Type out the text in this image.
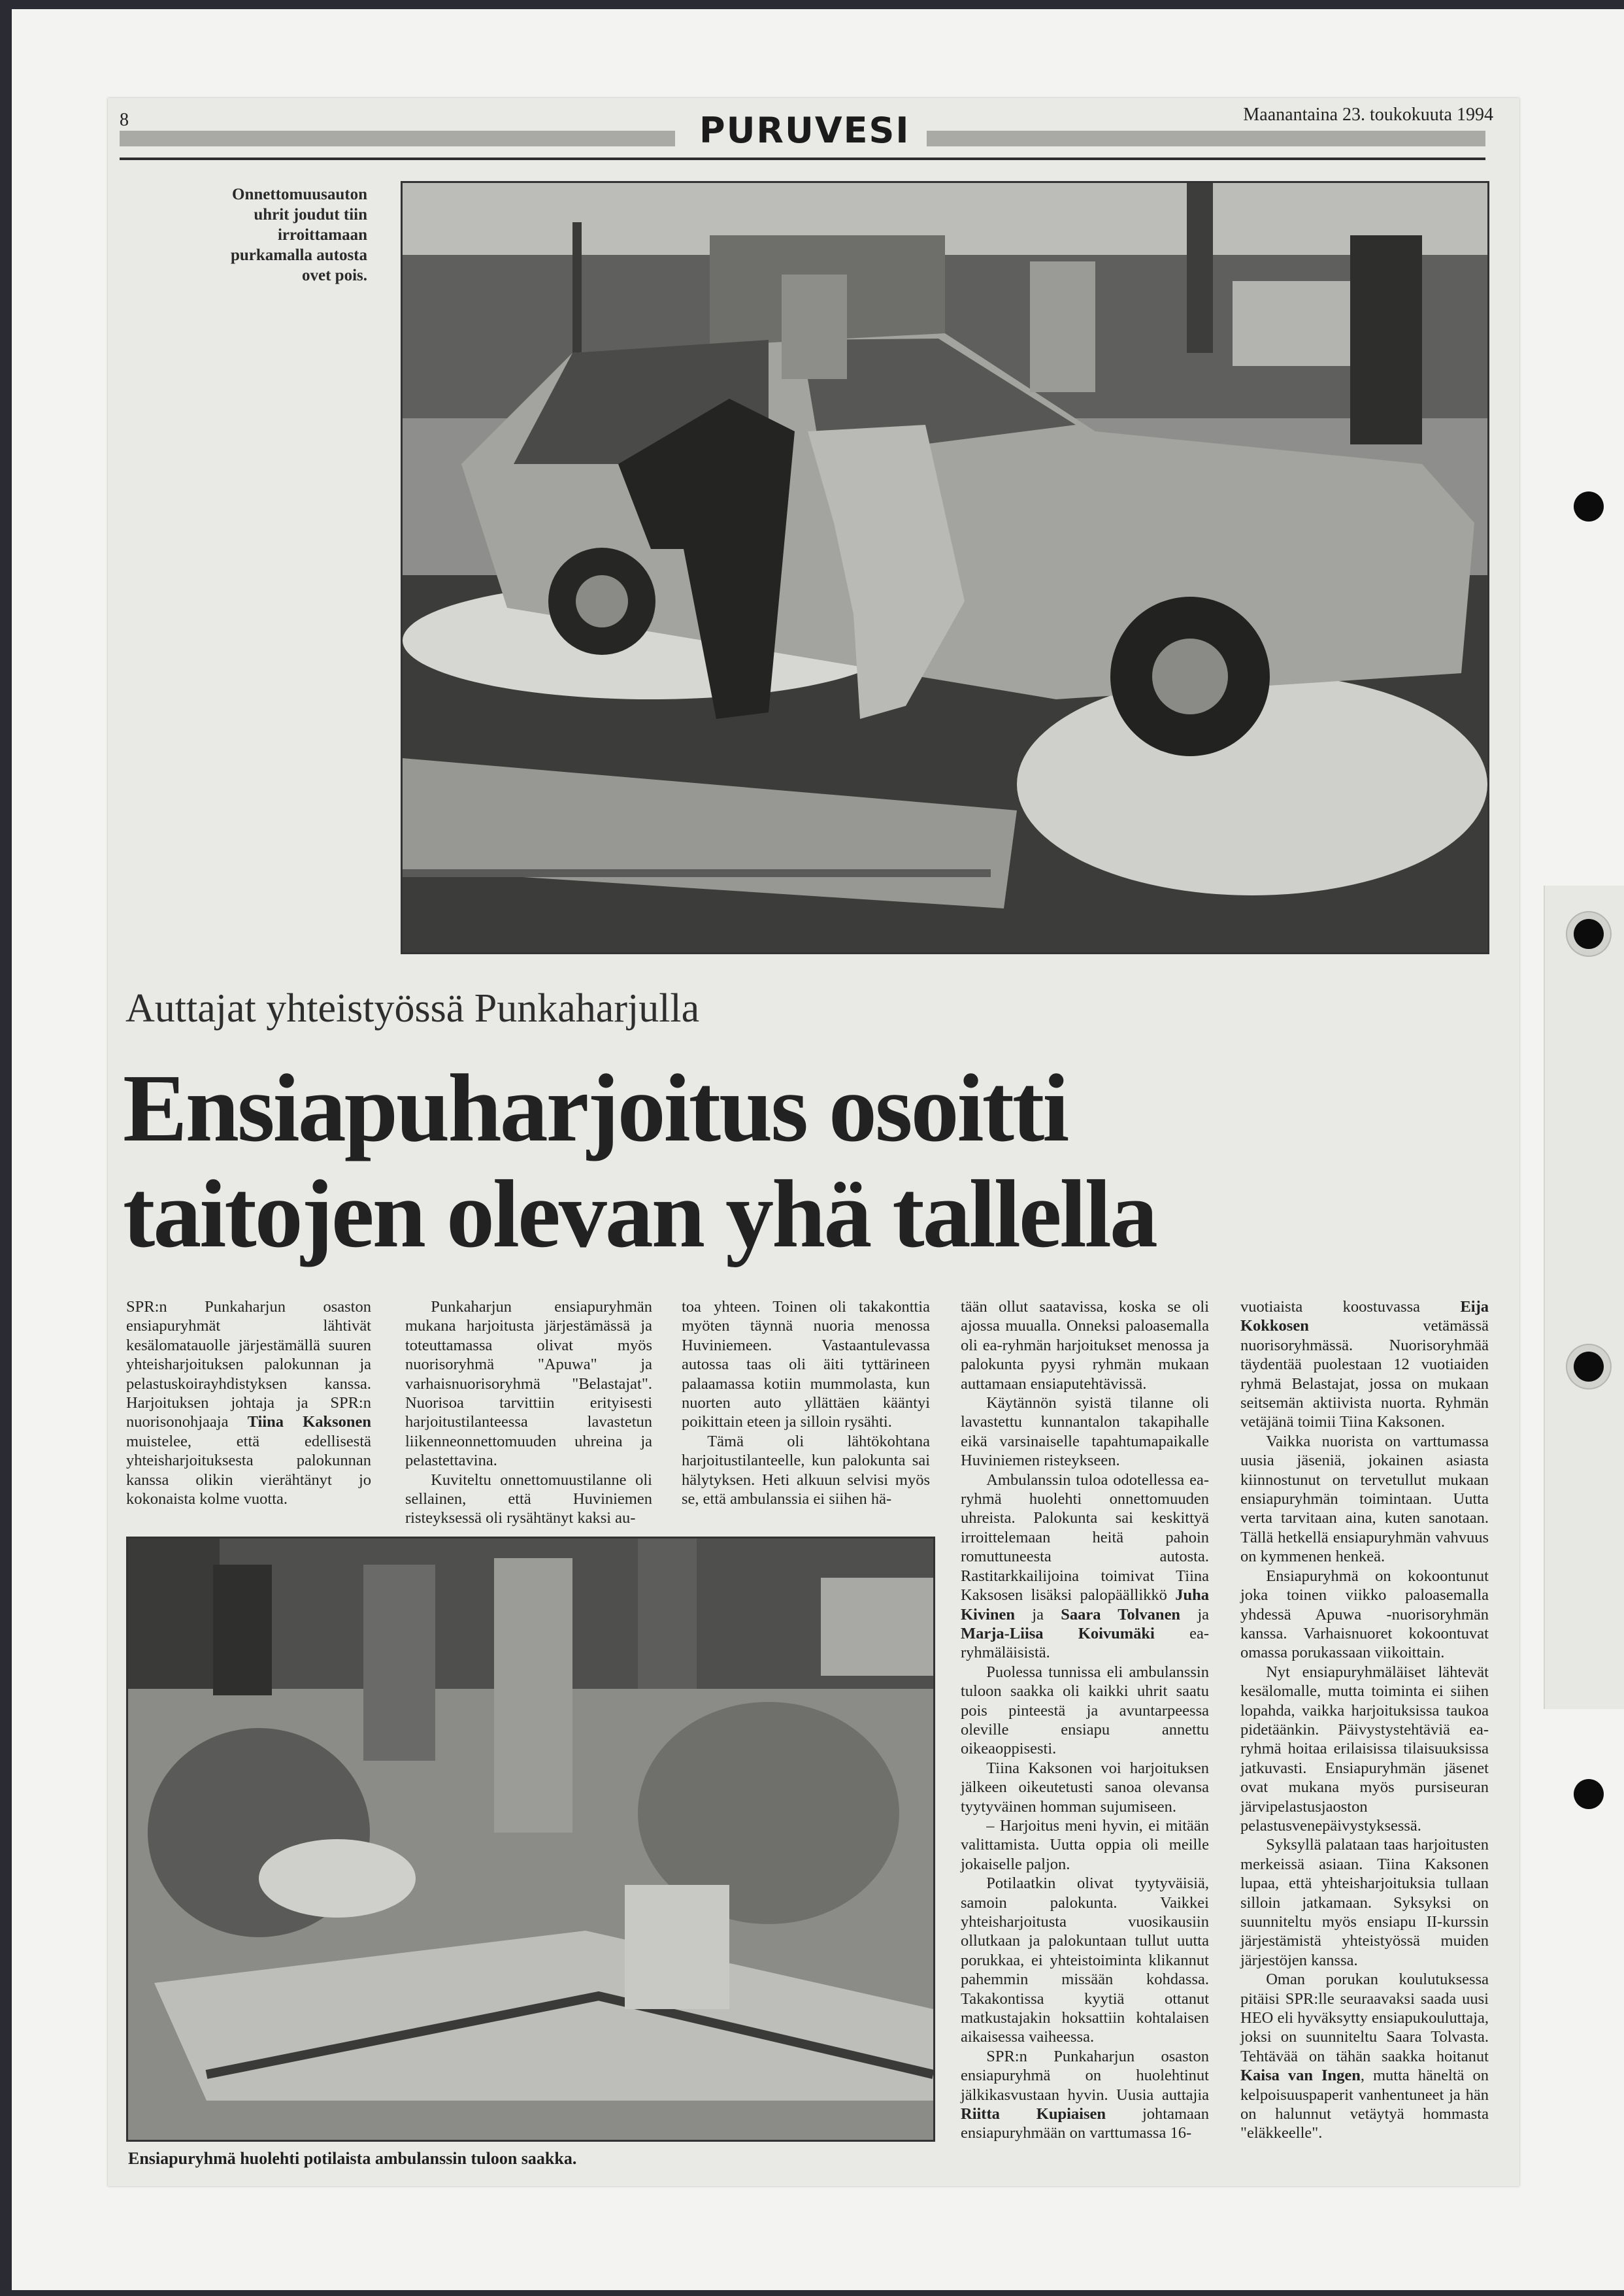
8	PURUVESI	Maanantaina 23. toukokuuta 1994
Onnettomuusauton uhrit joudut tiin irroittamaan purkamalla autosta ovet pois.
Auttajat yhteistyössä Punkaharjulla
Ensiapuharjoitus osoitti
taitojen olevan yhä tallella

SPR:n Punkaharjun osaston ensiapuryhmät lähtivät kesälomatauolle järjestämällä suuren yhteisharjoituksen palokunnan ja pelastuskoirayhdistyksen kanssa. Harjoituksen johtaja ja SPR:n nuorisonohjaaja Tiina Kaksonen muistelee, että edellisestä yhteisharjoituksesta palokunnan kanssa olikin vierähtänyt jo kokonaista kolme vuotta.

Punkaharjun ensiapuryhmän mukana harjoitusta järjestämässä ja toteuttamassa olivat myös nuorisoryhmä "Apuwa" ja varhaisnuorisoryhmä "Belastajat". Nuorisoa tarvittiin erityisesti harjoitustilanteessa lavastetun liikenneonnettomuuden uhreina ja pelastettavina.

Kuviteltu onnettomuustilanne oli sellainen, että Huviniemen risteyksessä oli rysähtänyt kaksi au-

toa yhteen. Toinen oli takakonttia myöten täynnä nuoria menossa Huviniemeen. Vastaantulevassa autossa taas oli äiti tyttärineen palaamassa kotiin mummolasta, kun nuorten auto yllättäen kääntyi poikittain eteen ja silloin rysähti.

Tämä oli lähtökohtana harjoitustilanteelle, kun palokunta sai hälytyksen. Heti alkuun selvisi myös se, että ambulanssia ei siihen hä-

tään ollut saatavissa, koska se oli ajossa muualla. Onneksi paloasemalla oli ea-ryhmän harjoitukset menossa ja palokunta pyysi ryhmän mukaan auttamaan ensiaputehtävissä.

Käytännön syistä tilanne oli lavastettu kunnantalon takapihalle eikä varsinaiselle tapahtumapaikalle Huviniemen risteykseen.

Ambulanssin tuloa odotellessa ea-ryhmä huolehti onnettomuuden uhreista. Palokunta sai keskittyä irroittelemaan heitä pahoin romuttuneesta autosta. Rastitarkkailijoina toimivat Tiina Kaksosen lisäksi palopäällikkö Juha Kivinen ja Saara Tolvanen ja Marja-Liisa Koivumäki ea-ryhmäläisistä.

Puolessa tunnissa eli ambulanssin tuloon saakka oli kaikki uhrit saatu pois pinteestä ja avuntarpeessa oleville ensiapu annettu oikeaoppisesti.

Tiina Kaksonen voi harjoituksen jälkeen oikeutetusti sanoa olevansa tyytyväinen homman sujumiseen.

– Harjoitus meni hyvin, ei mitään valittamista. Uutta oppia oli meille jokaiselle paljon.

Potilaatkin olivat tyytyväisiä, samoin palokunta. Vaikkei yhteisharjoitusta vuosikausiin ollutkaan ja palokuntaan tullut uutta porukkaa, ei yhteistoiminta klikannut pahemmin missään kohdassa. Takakontissa kyytiä ottanut matkustajakin hoksattiin kohtalaisen aikaisessa vaiheessa.

SPR:n Punkaharjun osaston ensiapuryhmä on huolehtinut jälkikasvustaan hyvin. Uusia auttajia Riitta Kupiaisen johtamaan ensiapuryhmään on varttumassa 16-

vuotiaista koostuvassa	Eija Kokkosen	vetämässä nuorisoryhmässä. Nuorisoryhmää täydentää puolestaan 12 vuotiaiden ryhmä Belastajat, jossa on mukaan seitsemän aktiivista nuorta. Ryhmän vetäjänä toimii Tiina Kaksonen.

Vaikka nuorista on varttumassa uusia jäseniä, jokainen asiasta kiinnostunut on tervetullut mukaan ensiapuryhmän toimintaan. Uutta verta tarvitaan aina, kuten sanotaan. Tällä hetkellä ensiapuryhmän vahvuus on kymmenen henkeä.

Ensiapuryhmä on kokoontunut joka toinen viikko paloasemalla yhdessä Apuwa -nuorisoryhmän kanssa. Varhaisnuoret kokoontuvat omassa porukassaan viikoittain.

Nyt ensiapuryhmäläiset lähtevät kesälomalle, mutta toiminta ei siihen lopahda, vaikka harjoituksissa taukoa pidetäänkin. Päivystystehtäviä ea-ryhmä hoitaa erilaisissa tilaisuuksissa jatkuvasti. Ensiapuryhmän jäsenet ovat mukana myös pursiseuran järvipelastusjaoston pelastusvenepäivystyksessä.

Syksyllä palataan taas harjoitusten merkeissä asiaan. Tiina Kaksonen lupaa, että yhteisharjoituksia tullaan silloin jatkamaan. Syksyksi on suunniteltu myös ensiapu II-kurssin järjestämistä yhteistyössä muiden järjestöjen kanssa.

Oman porukan koulutuksessa pitäisi SPR:lle seuraavaksi saada uusi HEO eli hyväksytty ensiapukouluttaja, joksi on suunniteltu Saara Tolvasta. Tehtävää on tähän saakka hoitanut Kaisa van Ingen, mutta häneltä on kelpoisuuspaperit vanhentuneet ja hän on halunnut vetäytyä hommasta "eläkkeelle".

Ensiapuryhmä huolehti potilaista ambulanssin tuloon saakka.
